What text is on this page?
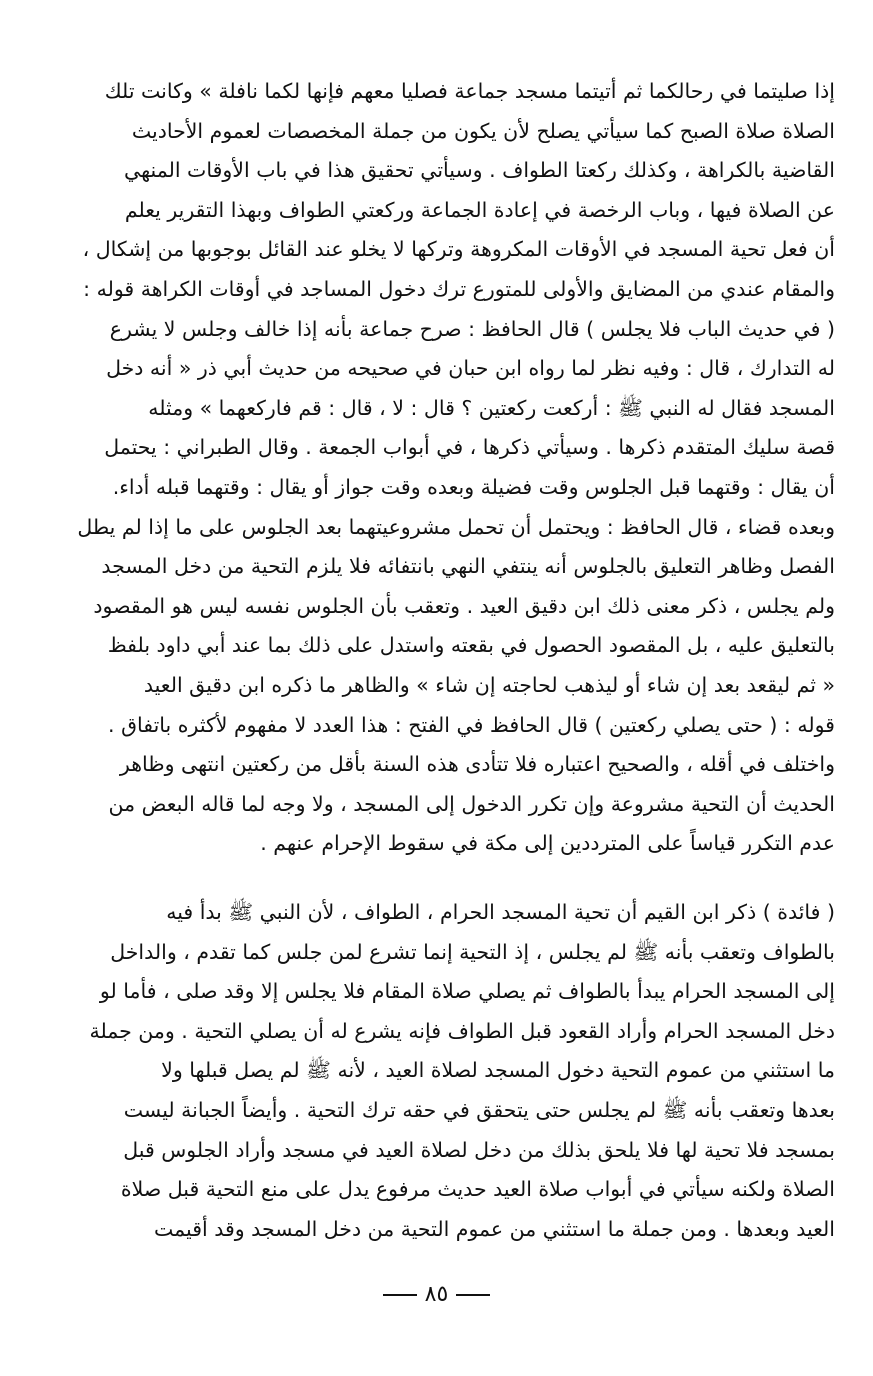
إذا صليتما في رحالكما ثم أتيتما مسجد جماعة فصليا معهم فإنها لكما نافلة » وكانت تلك
الصلاة صلاة الصبح كما سيأتي يصلح لأن يكون من جملة المخصصات لعموم الأحاديث
القاضية بالكراهة ، وكذلك ركعتا الطواف . وسيأتي تحقيق هذا في باب الأوقات المنهي
عن الصلاة فيها ، وباب الرخصة في إعادة الجماعة وركعتي الطواف وبهذا التقرير يعلم
أن فعل تحية المسجد في الأوقات المكروهة وتركها لا يخلو عند القائل بوجوبها من إشكال ،
والمقام عندي من المضايق والأولى للمتورع ترك دخول المساجد في أوقات الكراهة قوله :
( في حديث الباب فلا يجلس ) قال الحافظ : صرح جماعة بأنه إذا خالف وجلس لا يشرع
له التدارك ، قال : وفيه نظر لما رواه ابن حبان في صحيحه من حديث أبي ذر « أنه دخل
المسجد فقال له النبي ﷺ : أركعت ركعتين ؟ قال : لا ، قال : قم فاركعهما » ومثله
قصة سليك المتقدم ذكرها . وسيأتي ذكرها ، في أبواب الجمعة . وقال الطبراني : يحتمل
أن يقال : وقتهما قبل الجلوس وقت فضيلة وبعده وقت جواز أو يقال : وقتهما قبله أداء.
وبعده قضاء ، قال الحافظ : ويحتمل أن تحمل مشروعيتهما بعد الجلوس على ما إذا لم يطل
الفصل وظاهر التعليق بالجلوس أنه ينتفي النهي بانتفائه فلا يلزم التحية من دخل المسجد
ولم يجلس ، ذكر معنى ذلك ابن دقيق العيد . وتعقب بأن الجلوس نفسه ليس هو المقصود
بالتعليق عليه ، بل المقصود الحصول في بقعته واستدل على ذلك بما عند أبي داود بلفظ
« ثم ليقعد بعد إن شاء أو ليذهب لحاجته إن شاء » والظاهر ما ذكره ابن دقيق العيد
قوله : ( حتى يصلي ركعتين ) قال الحافظ في الفتح : هذا العدد لا مفهوم لأكثره باتفاق .
واختلف في أقله ، والصحيح اعتباره فلا تتأدى هذه السنة بأقل من ركعتين انتهى وظاهر
الحديث أن التحية مشروعة وإن تكرر الدخول إلى المسجد ، ولا وجه لما قاله البعض من
عدم التكرر قياساً على المترددين إلى مكة في سقوط الإحرام عنهم .
( فائدة ) ذكر ابن القيم أن تحية المسجد الحرام ، الطواف ، لأن النبي ﷺ بدأ فيه
بالطواف وتعقب بأنه ﷺ لم يجلس ، إذ التحية إنما تشرع لمن جلس كما تقدم ، والداخل
إلى المسجد الحرام يبدأ بالطواف ثم يصلي صلاة المقام فلا يجلس إلا وقد صلى ، فأما لو
دخل المسجد الحرام وأراد القعود قبل الطواف فإنه يشرع له أن يصلي التحية . ومن جملة
ما استثني من عموم التحية دخول المسجد لصلاة العيد ، لأنه ﷺ لم يصل قبلها ولا
بعدها وتعقب بأنه ﷺ لم يجلس حتى يتحقق في حقه ترك التحية . وأيضاً الجبانة ليست
بمسجد فلا تحية لها فلا يلحق بذلك من دخل لصلاة العيد في مسجد وأراد الجلوس قبل
الصلاة ولكنه سيأتي في أبواب صلاة العيد حديث مرفوع يدل على منع التحية قبل صلاة
العيد وبعدها . ومن جملة ما استثني من عموم التحية من دخل المسجد وقد أقيمت
٨٥
